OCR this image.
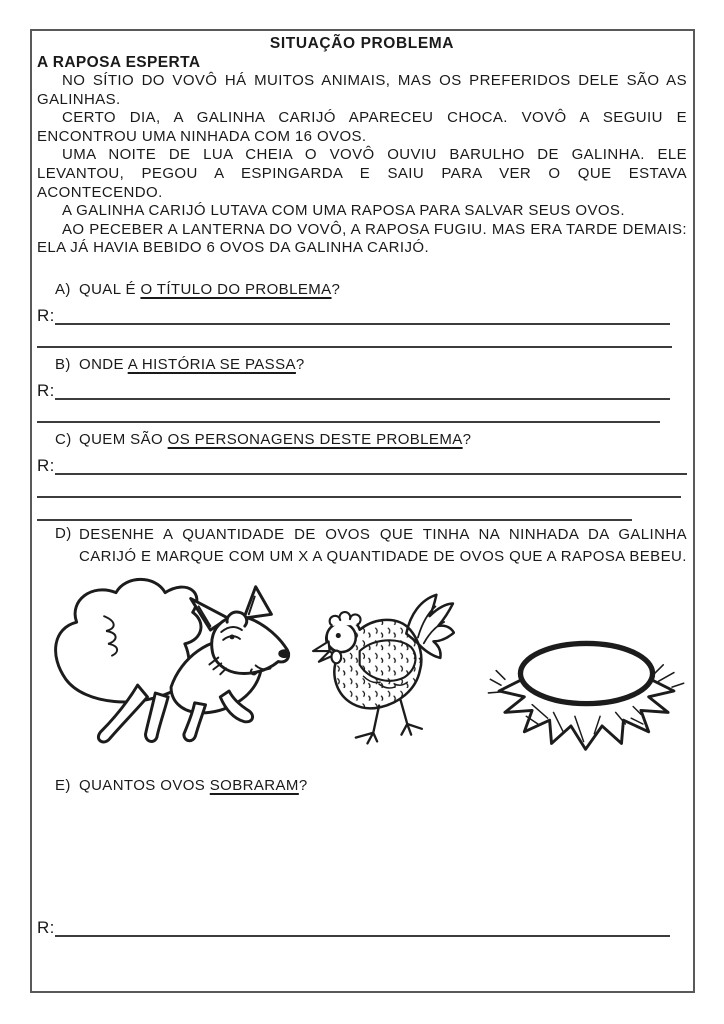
SITUAÇÃO PROBLEMA
A RAPOSA ESPERTA

NO SÍTIO DO VOVÔ HÁ MUITOS ANIMAIS, MAS OS PREFERIDOS DELE SÃO AS GALINHAS.

CERTO DIA, A GALINHA CARIJÓ APARECEU CHOCA. VOVÔ A SEGUIU E ENCONTROU UMA NINHADA COM 16 OVOS.

UMA NOITE DE LUA CHEIA O VOVÔ OUVIU BARULHO DE GALINHA. ELE LEVANTOU, PEGOU A ESPINGARDA E SAIU PARA VER O QUE ESTAVA ACONTECENDO.

A GALINHA CARIJÓ LUTAVA COM UMA RAPOSA PARA SALVAR SEUS OVOS.

AO PECEBER A LANTERNA DO VOVÔ, A RAPOSA FUGIU. MAS ERA TARDE DEMAIS: ELA JÁ HAVIA BEBIDO 6 OVOS DA GALINHA CARIJÓ.

A) QUAL É O TÍTULO DO PROBLEMA?
R:
B) ONDE A HISTÓRIA SE PASSA?
R:
C) QUEM SÃO OS PERSONAGENS DESTE PROBLEMA?
R:
D) DESENHE A QUANTIDADE DE OVOS QUE TINHA NA NINHADA DA GALINHA CARIJÓ E MARQUE COM UM X A QUANTIDADE DE OVOS QUE A RAPOSA BEBEU.
E) QUANTOS OVOS SOBRARAM?
R:
